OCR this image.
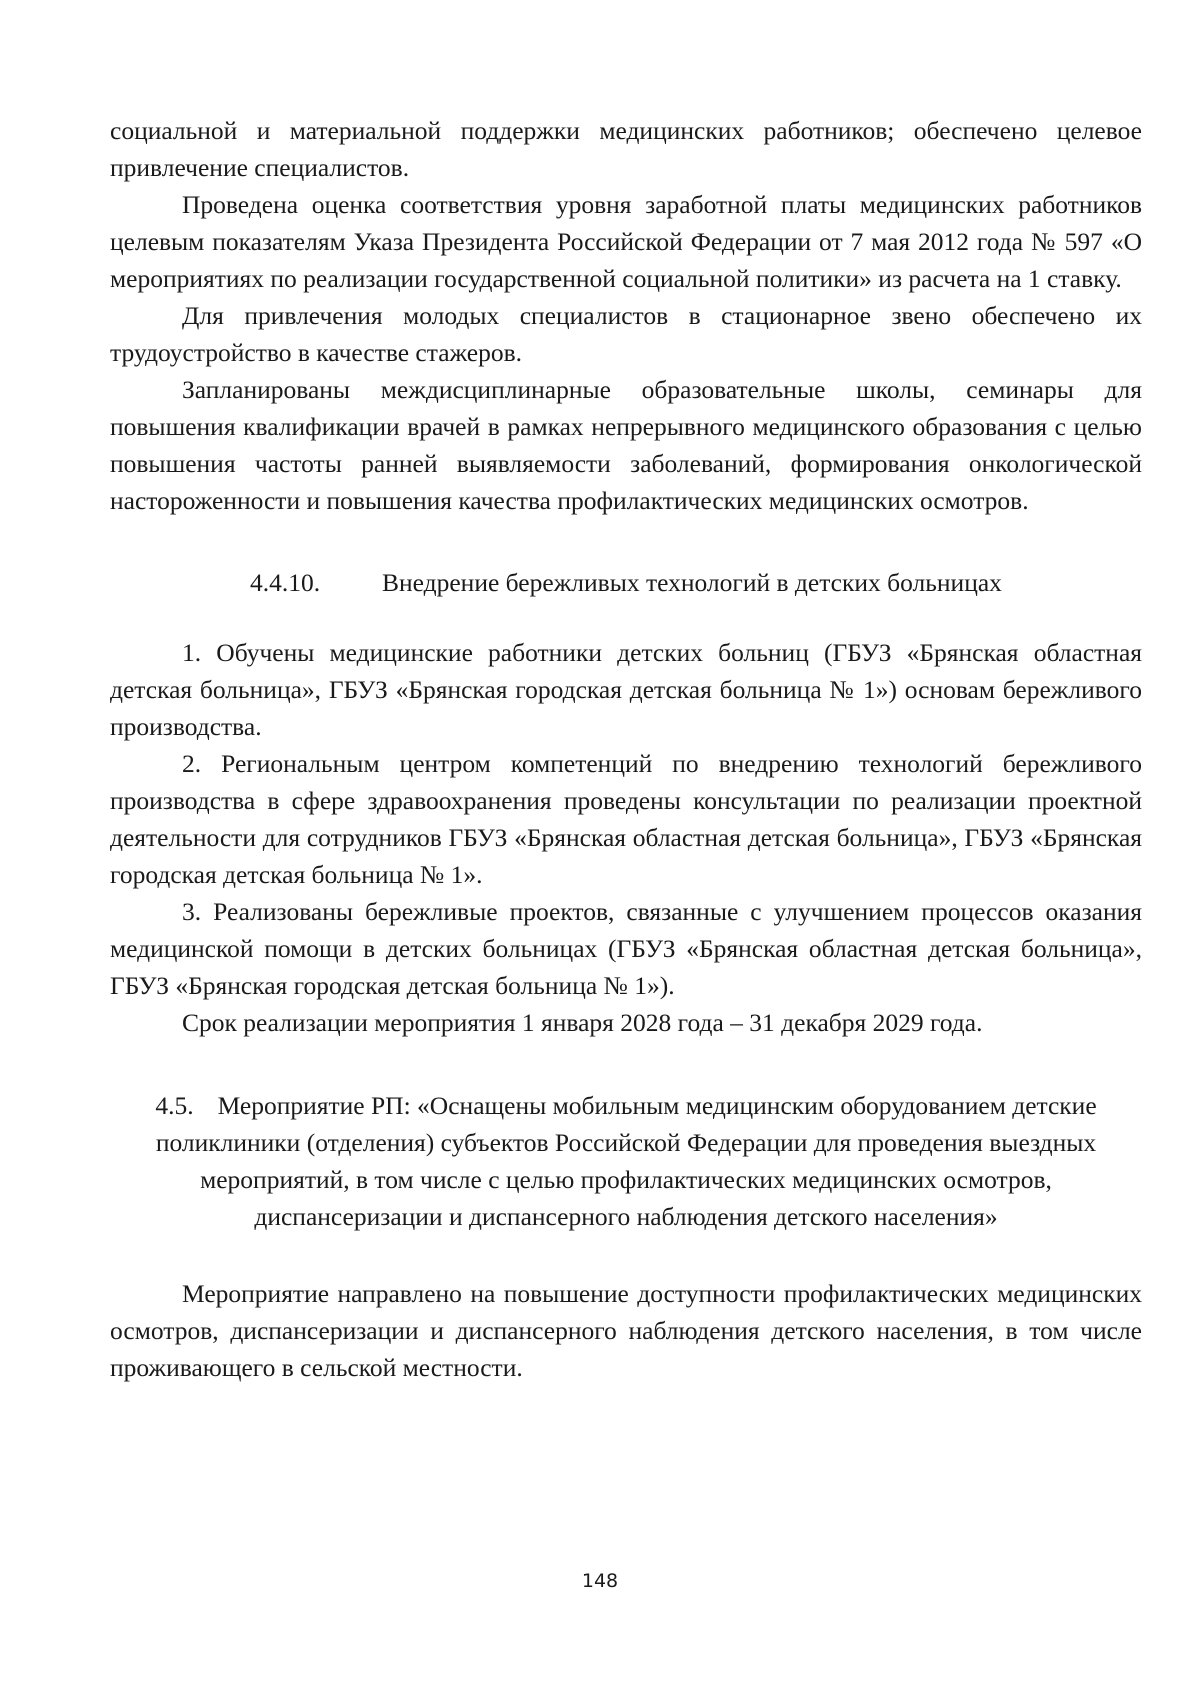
социальной и материальной поддержки медицинских работников; обеспечено целевое привлечение специалистов.

Проведена оценка соответствия уровня заработной платы медицинских работников целевым показателям Указа Президента Российской Федерации от 7 мая 2012 года № 597 «О мероприятиях по реализации государственной социальной политики» из расчета на 1 ставку.

Для привлечения молодых специалистов в стационарное звено обеспечено их трудоустройство в качестве стажеров.

Запланированы междисциплинарные образовательные школы, семинары для повышения квалификации врачей в рамках непрерывного медицинского образования с целью повышения частоты ранней выявляемости заболеваний, формирования онкологической настороженности и повышения качества профилактических медицинских осмотров.

4.4.10.	Внедрение бережливых технологий в детских больницах

1. Обучены медицинские работники детских больниц (ГБУЗ «Брянская областная детская больница», ГБУЗ «Брянская городская детская больница № 1») основам бережливого производства.

2. Региональным центром компетенций по внедрению технологий бережливого производства в сфере здравоохранения проведены консультации по реализации проектной деятельности для сотрудников ГБУЗ «Брянская областная детская больница», ГБУЗ «Брянская городская детская больница № 1».

3. Реализованы бережливые проектов, связанные с улучшением процессов оказания медицинской помощи в детских больницах (ГБУЗ «Брянская областная детская больница», ГБУЗ «Брянская городская детская больница № 1»).

Срок реализации мероприятия 1 января 2028 года – 31 декабря 2029 года.

4.5. Мероприятие РП: «Оснащены мобильным медицинским оборудованием детские поликлиники (отделения) субъектов Российской Федерации для проведения выездных мероприятий, в том числе с целью профилактических медицинских осмотров, диспансеризации и диспансерного наблюдения детского населения»

Мероприятие направлено на повышение доступности профилактических медицинских осмотров, диспансеризации и диспансерного наблюдения детского населения, в том числе проживающего в сельской местности.

148
